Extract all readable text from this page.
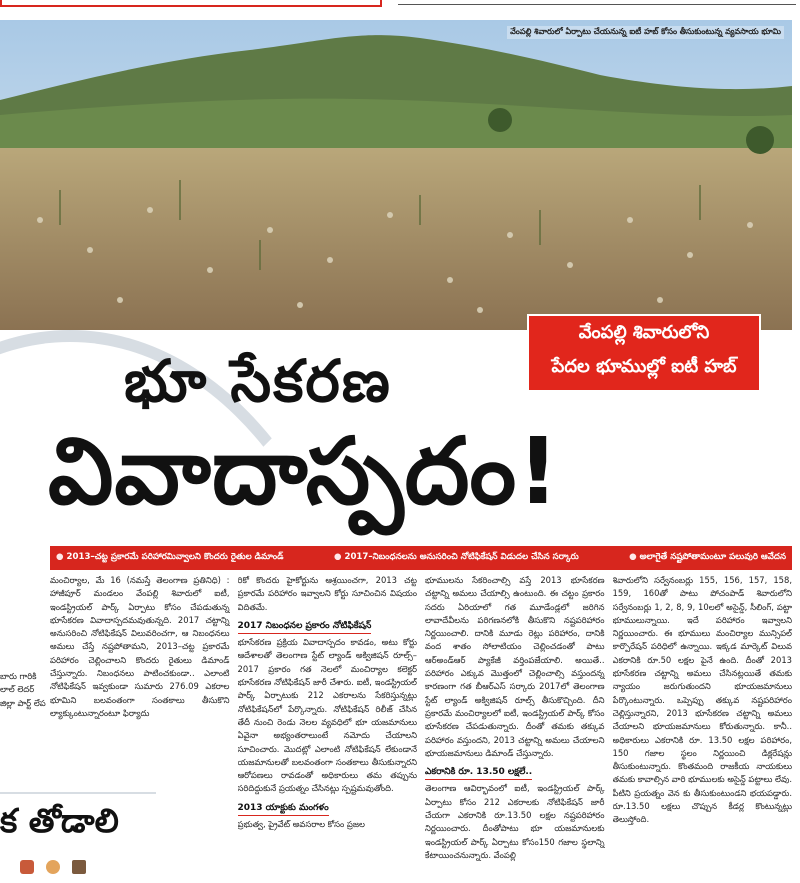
వేంపల్లి శివారులో ఏర్పాటు చేయనున్న ఐటీ హబ్ కోసం తీసుకుంటున్న వ్యవసాయ భూమి
వేంపల్లి శివారులోని
పేదల భూముల్లో ఐటీ హబ్
భూ సేకరణ
వివాదాస్పదం!
● 2013–చట్ట ప్రకారమే పరిహారమివ్వాలని కొందరు రైతుల డిమాండ్	● 2017–నిబంధనలను అనుసరించి నోటిఫికేషన్ విడుదల చేసిన సర్కారు	● అలాగైతే నష్టపోతామంటూ పలువురి ఆవేదన

మంచిర్యాల, మే 16 (నమస్తే తెలంగాణ ప్రతినిధి) : హాజీపూర్ మండలం వేంపల్లి శివారులో ఐటీ, ఇండస్ట్రియల్ పార్క్ ఏర్పాటు కోసం చేపడుతున్న భూసేకరణ వివాదాస్పదమవుతున్నది. 2017 చట్టాన్ని అనుసరించి నోటిఫికేషన్ విలువరించగా, ఆ నిబంధనలు అమలు చేస్తే నష్టపోతామని, 2013–చట్ట ప్రకారమే పరిహారం చెల్లించాలని కొందరు రైతులు డిమాండ్ చేస్తున్నారు. నిబంధనలు పాటించకుండా.. ఎలాంటి నోటిఫికేషన్ ఇవ్వకుండా సుమారు 276.09 ఎకరాల భూమిని బలవంతంగా సంతకాలు తీసుకొని ల్యాక్కుంటున్నారంటూ ఫిర్యాదు

రికో కొందరు హైకోర్టును ఆశ్రయించగా, 2013 చట్ట ప్రకారమే పరిహారం ఇవ్వాలని కోర్టు సూచించిన విషయం విదితమే.

2017 నిబంధనల ప్రకారం నోటిఫికేషన్

భూసేకరణ ప్రక్రియ వివాదాస్పదం కావడం, అటు కోర్టు ఆదేశాలతో తెలంగాణ స్టేట్ ల్యాండ్ అక్విజిషన్ రూల్స్–2017 ప్రకారం గత నెలలో మంచిర్యాల కలెక్టర్ భూసేకరణ నోటిఫికేషన్ జారీ చేశారు. ఐటీ, ఇండస్ట్రియల్ పార్క్ ఏర్పాటుకు 212 ఎకరాలను సేకరిస్తున్నట్లు నోటిఫికేషన్‌లో పేర్కొన్నారు. నోటిఫికేషన్ రిలీజ్ చేసిన తేదీ నుంచి రెండు నెలల వ్యవధిలో భూ యజమానులు ఏవైనా అభ్యంతరాలుంటే నమోదు చేయాలని సూచించారు. మొదట్లో ఎలాంటి నోటిఫికేషన్ లేకుండానే యజమానులతో బలవంతంగా సంతకాలు తీసుకున్నారని ఆరోపణలు రావడంతో అధికారులు తమ తప్పును సరిదిద్దుకునే ప్రయత్నం చేసినట్లు స్పష్టమవుతోంది.

2013 యాక్టుకు మంగళం

ప్రభుత్వ, ప్రైవేట్ అవసరాల కోసం ప్రజల

భూములను సేకరించాల్సి వస్తే 2013 భూసేకరణ చట్టాన్ని అమలు చేయాల్సి ఉంటుంది. ఈ చట్టం ప్రకారం సదరు ఏరియాలో గత మూడేండ్లలో జరిగిన లావాదేవీలను పరిగణనలోకి తీసుకొని నష్టపరిహారం నిర్ణయించాలి. దానికి మూడు రెట్లు పరిహారం, దానికి వంద శాతం సోలాటియం చెల్లించడంతో పాటు ఆర్‌అండ్‌ఆర్ ప్యాకేజీ వర్తింపజేయాలి. అయితే.. పరిహారం ఎక్కువ మొత్తంలో చెల్లించాల్సి వస్తుందన్న కారణంగా గత బీఆర్ఎస్ సర్కారు 2017లో తెలంగాణ స్టేట్ ల్యాండ్ అక్విజిషన్ రూల్స్ తీసుకొచ్చింది. దీని ప్రకారమే మంచిర్యాలలో ఐటీ, ఇండస్ట్రియల్ పార్క్ కోసం భూసేకరణ చేపడుతున్నారు. దీంతో తమకు తక్కువ పరిహారం వస్తుందని, 2013 చట్టాన్ని అమలు చేయాలని భూయజమానులు డిమాండ్ చేస్తున్నారు.

ఎకరానికి రూ. 13.50 లక్షలే..

తెలంగాణ ఆవిర్భావంలో ఐటీ, ఇండస్ట్రియల్ పార్క్ ఏర్పాటు కోసం 212 ఎకరాలకు నోటిఫికేషన్ జారీ చేయగా ఎకరానికి రూ.13.50 లక్షల నష్టపరిహారం నిర్ణయించారు. దీంతోపాటు భూ యజమానులకు ఇండస్ట్రియల్ పార్క్ ఏర్పాటు కోసం150 గజాల స్థలాన్ని కేటాయించనున్నారు. వేంపల్లి

శివారులోని సర్వేనంబర్లు 155, 156, 157, 158, 159, 160తో పాటు పోచంపాడ్ శివారులోని సర్వేనంబర్లు 1, 2, 8, 9, 10లలో అసైన్డ్, సీలింగ్, పట్టా భూములున్నాయి. ఇదే పరిహారం ఇవ్వాలని నిర్ణయించారు. ఈ భూములు మంచిర్యాల మున్సిపల్ కార్పొరేషన్ పరిధిలో ఉన్నాయి. ఇక్కడ మార్కెట్ విలువ ఎకరానికి రూ.50 లక్షల పైనే ఉంది. దీంతో 2013 భూసేకరణ చట్టాన్ని అమలు చేసినట్లయితే తమకు న్యాయం జరుగుతుందని భూయజమానులు పేర్కొంటున్నారు. ఒప్పెప్పు తక్కువ నష్టపరిహారం చెల్లిస్తున్నారని, 2013 భూసేకరణ చట్టాన్ని అమలు చేయాలని భూయజమానులు కోరుతున్నారు. కానీ.. అధికారులు ఎకరానికి రూ. 13.50 లక్షల పరిహారం, 150 గజాల స్థలం నిర్ణయించి డిక్లరేషన్లు తీసుకుంటున్నారు. కొంతమంది రాజకీయ నాయకులు తమకు కావాల్సిన వారి భూములకు అసైన్డ్ పట్టాలు లేవు. పీటిని ప్రయత్నం వెన కు తీసుకుంటుండని భయపడ్డారు. రూ.13.50 లక్షలు చొప్పున కీడర్ల కొంటున్నట్లు తెలుస్తోంది.

బారు గారికి లాల్ లెదర్ జిల్లా పార్ట్ లేప
క తోడాలి
